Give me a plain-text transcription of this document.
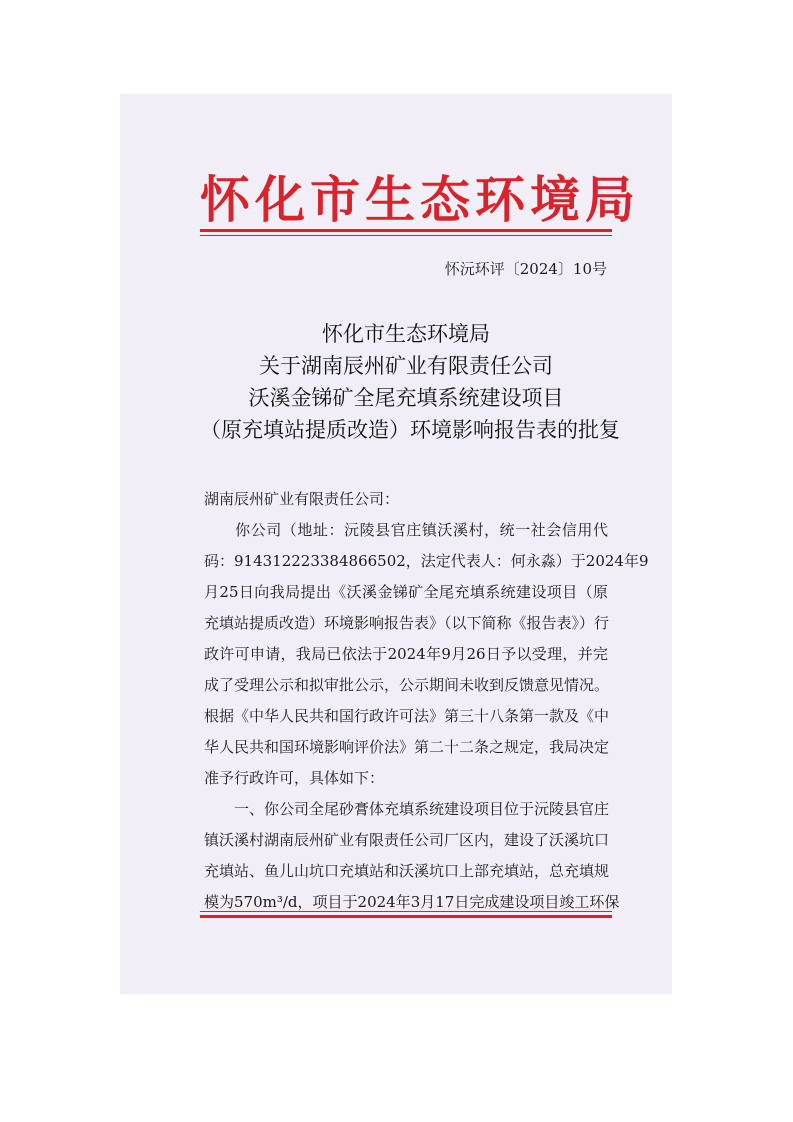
怀化市生态环境局
怀沅环评〔2024〕10号
怀化市生态环境局
关于湖南辰州矿业有限责任公司
沃溪金锑矿全尾充填系统建设项目
（原充填站提质改造）环境影响报告表的批复
湖南辰州矿业有限责任公司：
　　你公司（地址：沅陵县官庄镇沃溪村，统一社会信用代
码：914312223384866502，法定代表人：何永淼）于2024年9
月25日向我局提出《沃溪金锑矿全尾充填系统建设项目（原
充填站提质改造）环境影响报告表》（以下简称《报告表》）行
政许可申请，我局已依法于2024年9月26日予以受理，并完
成了受理公示和拟审批公示，公示期间未收到反馈意见情况。
根据《中华人民共和国行政许可法》第三十八条第一款及《中
华人民共和国环境影响评价法》第二十二条之规定，我局决定
准予行政许可，具体如下：
　　一、你公司全尾砂膏体充填系统建设项目位于沅陵县官庄
镇沃溪村湖南辰州矿业有限责任公司厂区内，建设了沃溪坑口
充填站、鱼儿山坑口充填站和沃溪坑口上部充填站，总充填规
模为570m³/d，项目于2024年3月17日完成建设项目竣工环保
